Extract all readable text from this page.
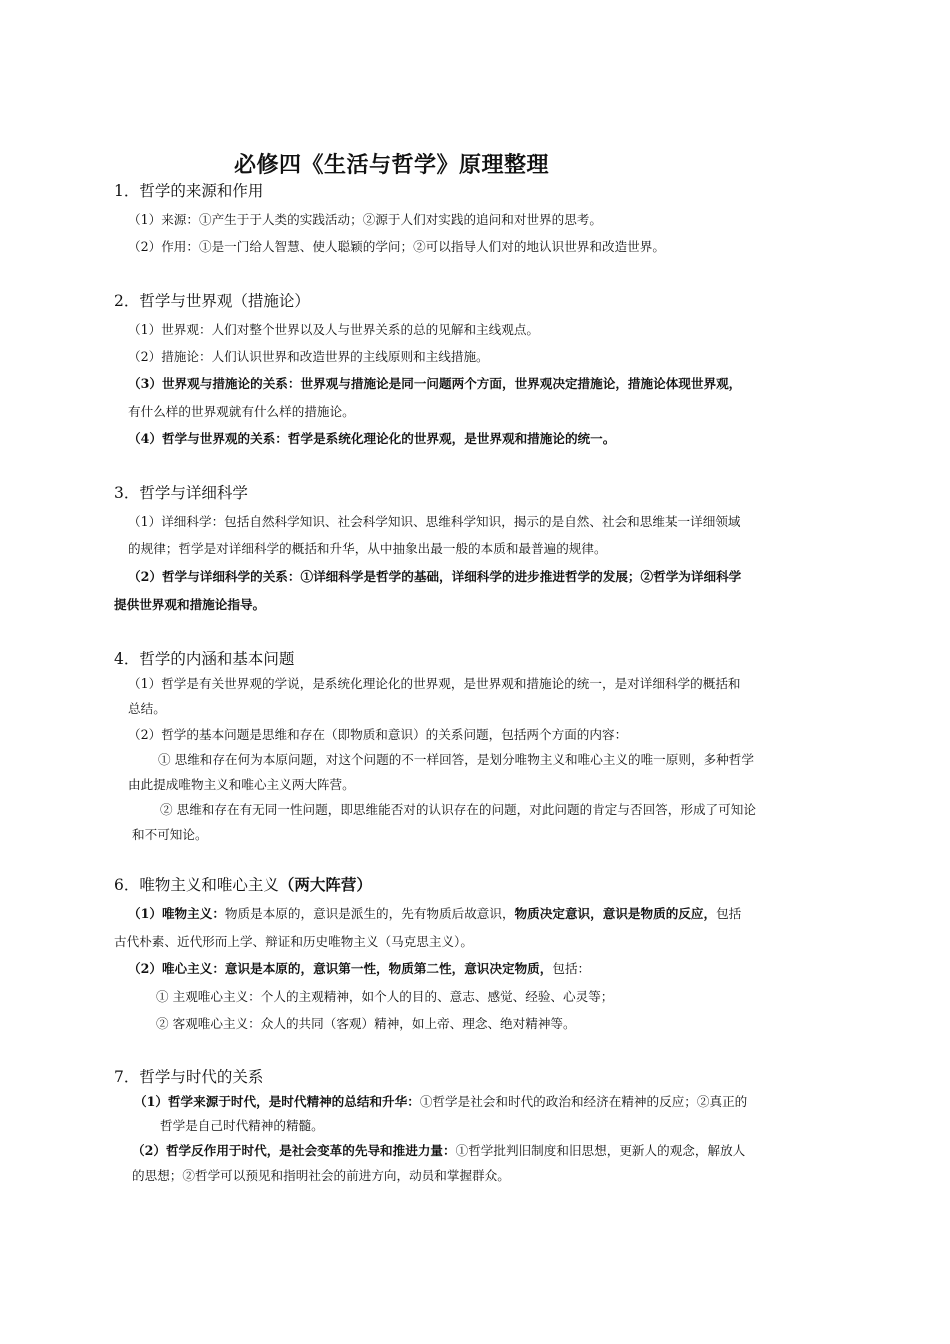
必修四《生活与哲学》原理整理
1．哲学的来源和作用
（1）来源：①产生于于人类的实践活动；②源于人们对实践的追问和对世界的思考。
（2）作用：①是一门给人智慧、使人聪颖的学问；②可以指导人们对的地认识世界和改造世界。
2．哲学与世界观（措施论）
（1）世界观：人们对整个世界以及人与世界关系的总的见解和主线观点。
（2）措施论：人们认识世界和改造世界的主线原则和主线措施。
（3）世界观与措施论的关系：世界观与措施论是同一问题两个方面，世界观决定措施论，措施论体现世界观，
有什么样的世界观就有什么样的措施论。
（4）哲学与世界观的关系：哲学是系统化理论化的世界观，是世界观和措施论的统一。
3．哲学与详细科学
（1）详细科学：包括自然科学知识、社会科学知识、思维科学知识，揭示的是自然、社会和思维某一详细领域
的规律；哲学是对详细科学的概括和升华，从中抽象出最一般的本质和最普遍的规律。
（2）哲学与详细科学的关系：①详细科学是哲学的基础，详细科学的进步推进哲学的发展；②哲学为详细科学
提供世界观和措施论指导。
4．哲学的内涵和基本问题
（1）哲学是有关世界观的学说，是系统化理论化的世界观，是世界观和措施论的统一，是对详细科学的概括和
总结。
（2）哲学的基本问题是思维和存在（即物质和意识）的关系问题，包括两个方面的内容：
① 思维和存在何为本原问题，对这个问题的不一样回答，是划分唯物主义和唯心主义的唯一原则，多种哲学
由此提成唯物主义和唯心主义两大阵营。
② 思维和存在有无同一性问题，即思维能否对的认识存在的问题，对此问题的肯定与否回答，形成了可知论
和不可知论。
6．唯物主义和唯心主义（两大阵营）
（1）唯物主义：物质是本原的，意识是派生的，先有物质后故意识，物质决定意识，意识是物质的反应，包括
古代朴素、近代形而上学、辩证和历史唯物主义（马克思主义）。
（2）唯心主义：意识是本原的，意识第一性，物质第二性，意识决定物质，包括：
① 主观唯心主义：个人的主观精神，如个人的目的、意志、感觉、经验、心灵等；
② 客观唯心主义：众人的共同（客观）精神，如上帝、理念、绝对精神等。
7．哲学与时代的关系
（1）哲学来源于时代，是时代精神的总结和升华：①哲学是社会和时代的政治和经济在精神的反应；②真正的
哲学是自己时代精神的精髓。
（2）哲学反作用于时代，是社会变革的先导和推进力量：①哲学批判旧制度和旧思想，更新人的观念，解放人
的思想；②哲学可以预见和指明社会的前进方向，动员和掌握群众。
